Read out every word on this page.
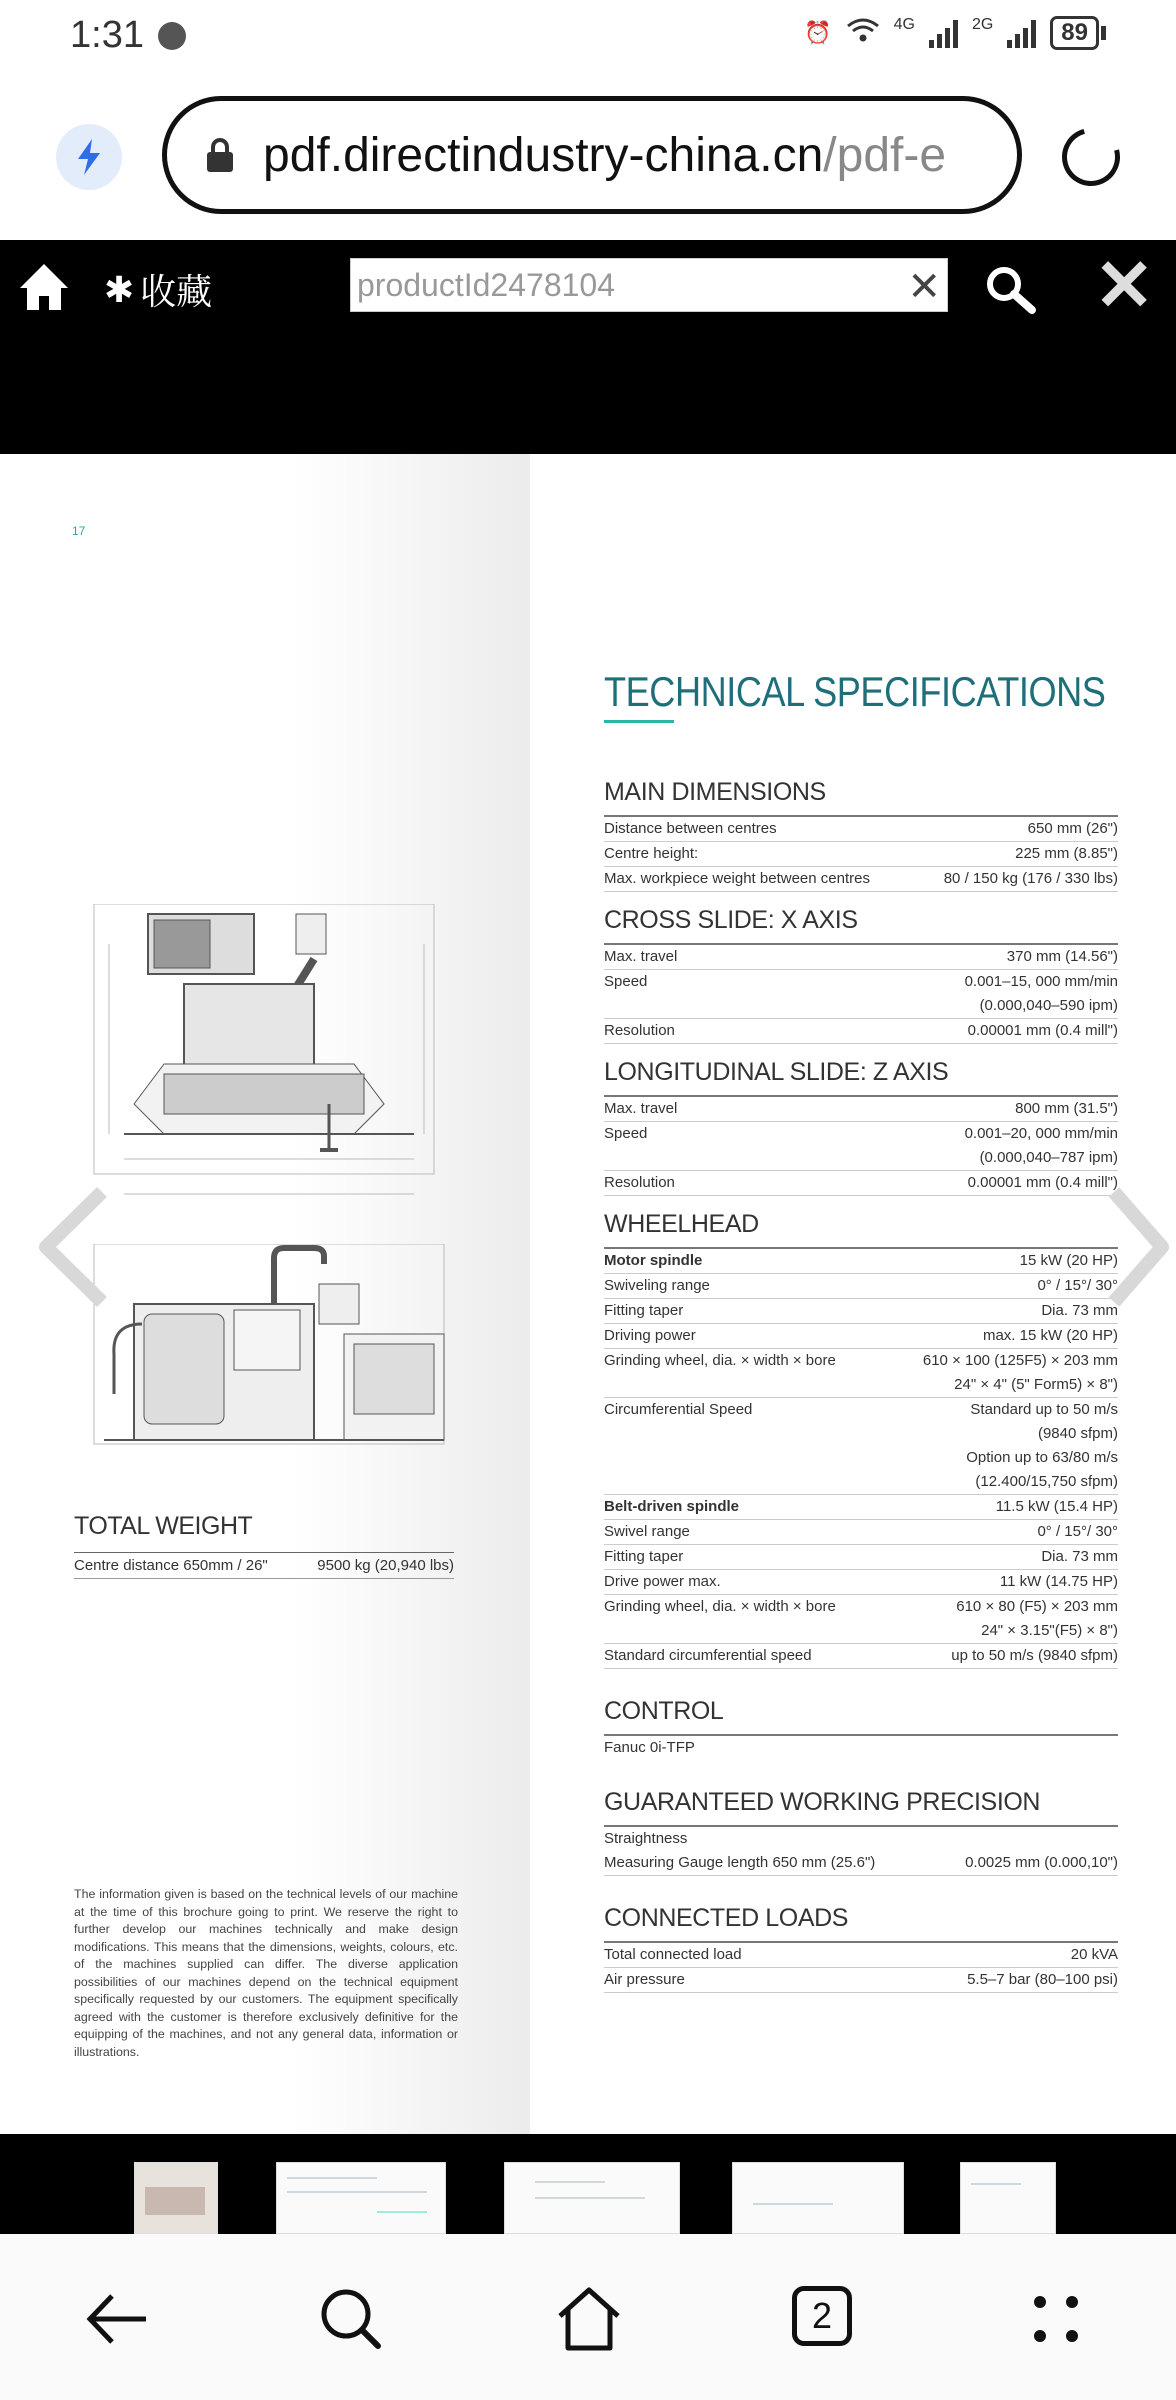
1:31	⏰	4G	2G	89
pdf.directindustry-china.cn /pdf-e
✱ 收藏
productId2478104	✕ ✕
17
TOTAL WEIGHT
Centre distance 650mm / 26"	9500 kg (20,940 lbs)

The information given is based on the technical levels of our machine at the time of this brochure going to print. We reserve the right to further develop our machines technically and make design modifications. This means that the dimensions, weights, colours, etc. of the machines supplied can differ. The diverse application possibilities of our machines depend on the technical equipment specifically requested by our customers. The equipment specifically agreed with the customer is therefore exclusively definitive for the equipping of the machines, and not any general data, information or illustrations.

TECHNICAL SPECIFICATIONS
MAIN DIMENSIONS
Distance between centres	650 mm (26")
Centre height:	225 mm (8.85")
Max. workpiece weight between centres	80 / 150 kg (176 / 330 lbs)
CROSS SLIDE: X AXIS
Max. travel	370 mm (14.56")
Speed	0.001–15, 000 mm/min
(0.000,040–590 ipm)
Resolution	0.00001 mm (0.4 mill")
LONGITUDINAL SLIDE: Z AXIS
Max. travel	800 mm (31.5")
Speed	0.001–20, 000 mm/min
(0.000,040–787 ipm)
Resolution	0.00001 mm (0.4 mill")
WHEELHEAD
Motor spindle	15 kW (20 HP)
Swiveling range	0° / 15°/ 30°
Fitting taper	Dia. 73 mm
Driving power	max. 15 kW (20 HP)
Grinding wheel, dia. × width × bore	610 × 100 (125F5) × 203 mm
24" × 4" (5" Form5) × 8")
Circumferential Speed	Standard up to 50 m/s
(9840 sfpm)
Option up to 63/80 m/s
(12.400/15,750 sfpm)
Belt-driven spindle	11.5 kW (15.4 HP)
Swivel range	0° / 15°/ 30°
Fitting taper	Dia. 73 mm
Drive power max.	11 kW (14.75 HP)
Grinding wheel, dia. × width × bore	610 × 80 (F5) × 203 mm
24" × 3.15"(F5) × 8")
Standard circumferential speed	up to 50 m/s (9840 sfpm)
CONTROL
Fanuc 0i-TFP
GUARANTEED WORKING PRECISION
Straightness
Measuring Gauge length 650 mm (25.6")	0.0025 mm (0.000,10")
CONNECTED LOADS
Total connected load	20 kVA
Air pressure	5.5–7 bar (80–100 psi)
2
